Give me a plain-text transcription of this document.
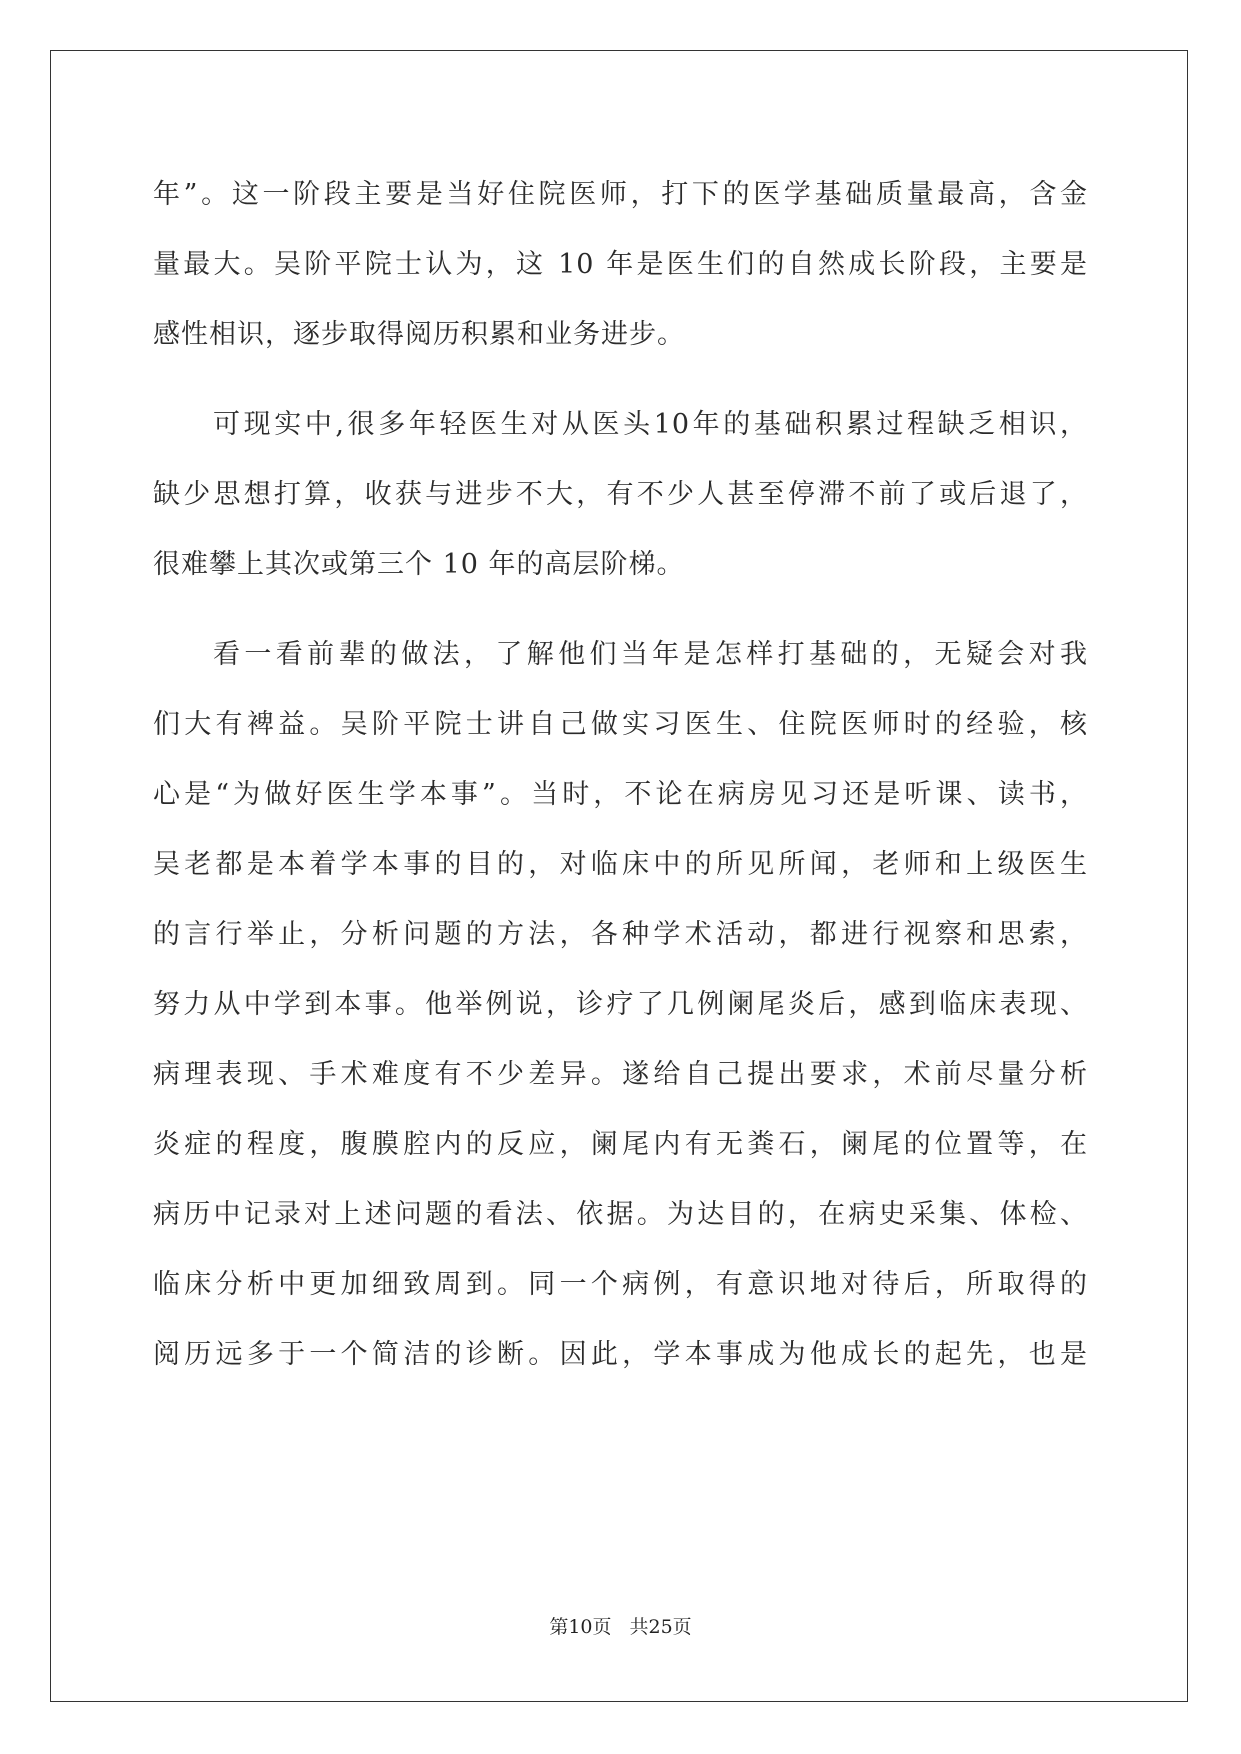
年”。这一阶段主要是当好住院医师，打下的医学基础质量最高，含金
量最大。吴阶平院士认为，这 10 年是医生们的自然成长阶段，主要是
感性相识，逐步取得阅历积累和业务进步。
可现实中,很多年轻医生对从医头10年的基础积累过程缺乏相识，
缺少思想打算，收获与进步不大，有不少人甚至停滞不前了或后退了，
很难攀上其次或第三个 10 年的高层阶梯。
看一看前辈的做法，了解他们当年是怎样打基础的，无疑会对我
们大有裨益。吴阶平院士讲自己做实习医生、住院医师时的经验，核
心是“为做好医生学本事”。当时，不论在病房见习还是听课、读书，
吴老都是本着学本事的目的，对临床中的所见所闻，老师和上级医生
的言行举止，分析问题的方法，各种学术活动，都进行视察和思索，
努力从中学到本事。他举例说，诊疗了几例阑尾炎后，感到临床表现、
病理表现、手术难度有不少差异。遂给自己提出要求，术前尽量分析
炎症的程度，腹膜腔内的反应，阑尾内有无粪石，阑尾的位置等，在
病历中记录对上述问题的看法、依据。为达目的，在病史采集、体检、
临床分析中更加细致周到。同一个病例，有意识地对待后，所取得的
阅历远多于一个简洁的诊断。因此，学本事成为他成长的起先，也是
第10页 共25页
